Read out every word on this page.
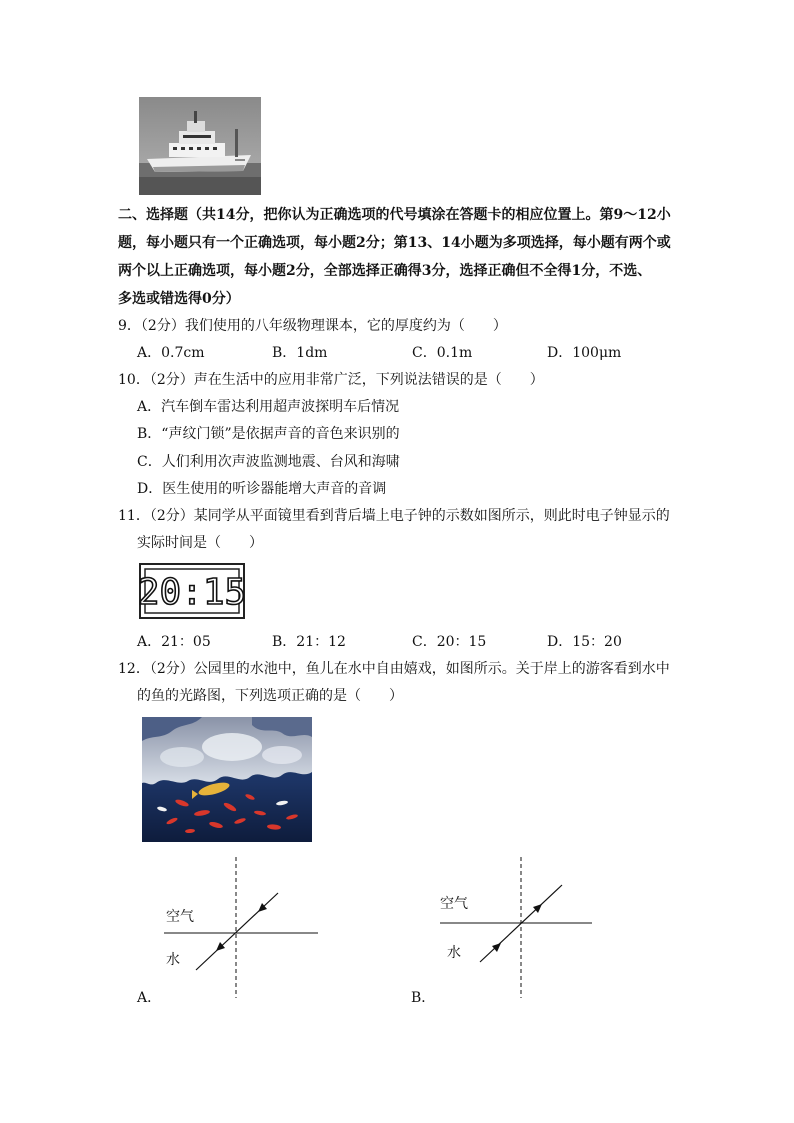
二、选择题（共14分，把你认为正确选项的代号填涂在答题卡的相应位置上。第9～12小
题，每小题只有一个正确选项，每小题2分；第13、14小题为多项选择，每小题有两个或
两个以上正确选项，每小题2分，全部选择正确得3分，选择正确但不全得1分，不选、
多选或错选得0分）
9．（2分）我们使用的八年级物理课本，它的厚度约为（　　）
A．0.7cm	B．1dm	C．0.1m	D．100μm
10．（2分）声在生活中的应用非常广泛，下列说法错误的是（　　）
A．汽车倒车雷达利用超声波探明车后情况
B．“声纹门锁”是依据声音的音色来识别的
C．人们利用次声波监测地震、台风和海啸
D．医生使用的听诊器能增大声音的音调
11．（2分）某同学从平面镜里看到背后墙上电子钟的示数如图所示，则此时电子钟显示的
实际时间是（　　）
20:15
A．21：05	B．21：12	C．20：15	D．15：20
12．（2分）公园里的水池中，鱼儿在水中自由嬉戏，如图所示。关于岸上的游客看到水中
的鱼的光路图，下列选项正确的是（　　）
空气
水
A．
空气
水
B．
